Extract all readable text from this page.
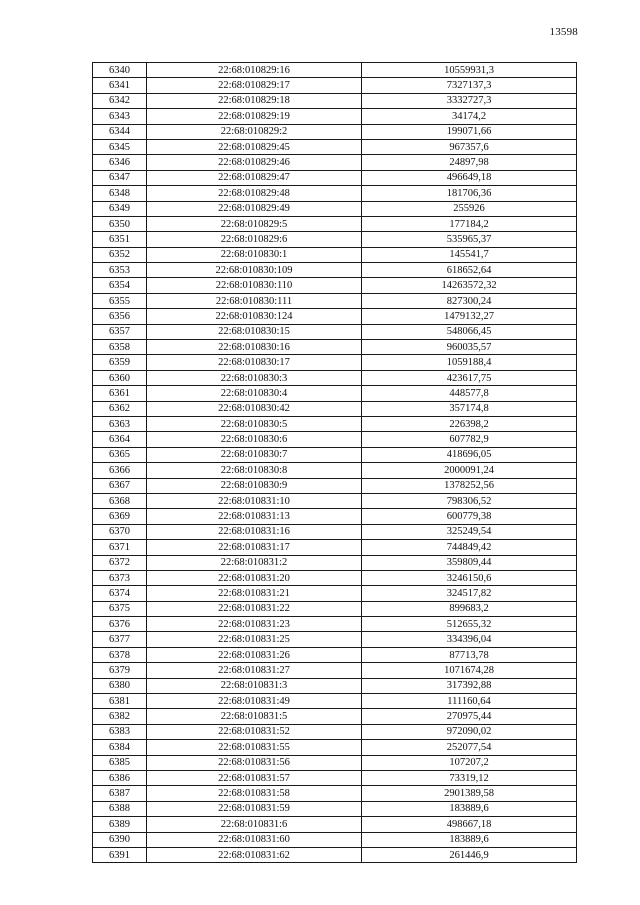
13598
6340	22:68:010829:16	10559931,3
6341	22:68:010829:17	7327137,3
6342	22:68:010829:18	3332727,3
6343	22:68:010829:19	34174,2
6344	22:68:010829:2	199071,66
6345	22:68:010829:45	967357,6
6346	22:68:010829:46	24897,98
6347	22:68:010829:47	496649,18
6348	22:68:010829:48	181706,36
6349	22:68:010829:49	255926
6350	22:68:010829:5	177184,2
6351	22:68:010829:6	535965,37
6352	22:68:010830:1	145541,7
6353	22:68:010830:109	618652,64
6354	22:68:010830:110	14263572,32
6355	22:68:010830:111	827300,24
6356	22:68:010830:124	1479132,27
6357	22:68:010830:15	548066,45
6358	22:68:010830:16	960035,57
6359	22:68:010830:17	1059188,4
6360	22:68:010830:3	423617,75
6361	22:68:010830:4	448577,8
6362	22:68:010830:42	357174,8
6363	22:68:010830:5	226398,2
6364	22:68:010830:6	607782,9
6365	22:68:010830:7	418696,05
6366	22:68:010830:8	2000091,24
6367	22:68:010830:9	1378252,56
6368	22:68:010831:10	798306,52
6369	22:68:010831:13	600779,38
6370	22:68:010831:16	325249,54
6371	22:68:010831:17	744849,42
6372	22:68:010831:2	359809,44
6373	22:68:010831:20	3246150,6
6374	22:68:010831:21	324517,82
6375	22:68:010831:22	899683,2
6376	22:68:010831:23	512655,32
6377	22:68:010831:25	334396,04
6378	22:68:010831:26	87713,78
6379	22:68:010831:27	1071674,28
6380	22:68:010831:3	317392,88
6381	22:68:010831:49	111160,64
6382	22:68:010831:5	270975,44
6383	22:68:010831:52	972090,02
6384	22:68:010831:55	252077,54
6385	22:68:010831:56	107207,2
6386	22:68:010831:57	73319,12
6387	22:68:010831:58	2901389,58
6388	22:68:010831:59	183889,6
6389	22:68:010831:6	498667,18
6390	22:68:010831:60	183889,6
6391	22:68:010831:62	261446,9
